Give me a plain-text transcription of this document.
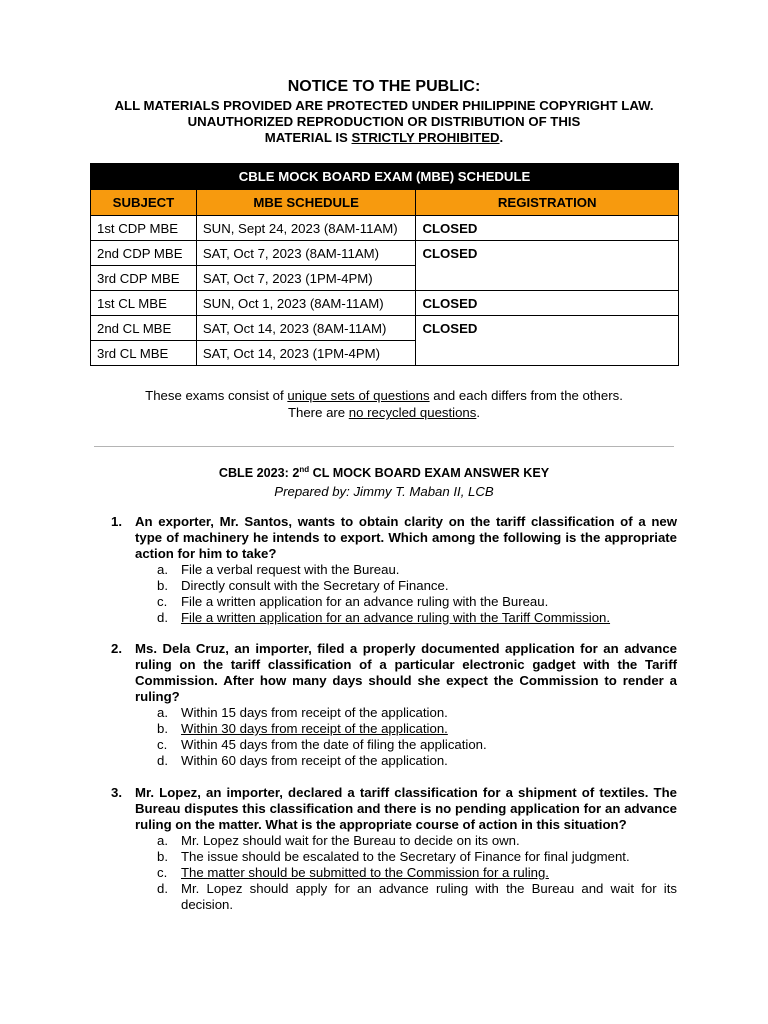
NOTICE TO THE PUBLIC:
ALL MATERIALS PROVIDED ARE PROTECTED UNDER PHILIPPINE COPYRIGHT LAW.
UNAUTHORIZED REPRODUCTION OR DISTRIBUTION OF THIS
MATERIAL IS STRICTLY PROHIBITED.
CBLE MOCK BOARD EXAM (MBE) SCHEDULE		
SUBJECT	MBE SCHEDULE	REGISTRATION
1st CDP MBE	SUN, Sept 24, 2023 (8AM-11AM)	CLOSED
2nd CDP MBE	SAT, Oct 7, 2023 (8AM-11AM)	CLOSED
3rd CDP MBE	SAT, Oct 7, 2023 (1PM-4PM)	
1st CL MBE	SUN, Oct 1, 2023 (8AM-11AM)	CLOSED
2nd CL MBE	SAT, Oct 14, 2023 (8AM-11AM)	CLOSED
3rd CL MBE	SAT, Oct 14, 2023 (1PM-4PM)	
These exams consist of unique sets of questions and each differs from the others.
There are no recycled questions.
CBLE 2023: 2nd CL MOCK BOARD EXAM ANSWER KEY
Prepared by: Jimmy T. Maban II, LCB
1. An exporter, Mr. Santos, wants to obtain clarity on the tariff classification of a new type of machinery he intends to export. Which among the following is the appropriate action for him to take?
a. File a verbal request with the Bureau.
b. Directly consult with the Secretary of Finance.
c. File a written application for an advance ruling with the Bureau.
d. File a written application for an advance ruling with the Tariff Commission.
2. Ms. Dela Cruz, an importer, filed a properly documented application for an advance ruling on the tariff classification of a particular electronic gadget with the Tariff Commission. After how many days should she expect the Commission to render a ruling?
a. Within 15 days from receipt of the application.
b. Within 30 days from receipt of the application.
c. Within 45 days from the date of filing the application.
d. Within 60 days from receipt of the application.
3. Mr. Lopez, an importer, declared a tariff classification for a shipment of textiles. The Bureau disputes this classification and there is no pending application for an advance ruling on the matter. What is the appropriate course of action in this situation?
a. Mr. Lopez should wait for the Bureau to decide on its own.
b. The issue should be escalated to the Secretary of Finance for final judgment.
c. The matter should be submitted to the Commission for a ruling.
d. Mr. Lopez should apply for an advance ruling with the Bureau and wait for its decision.
